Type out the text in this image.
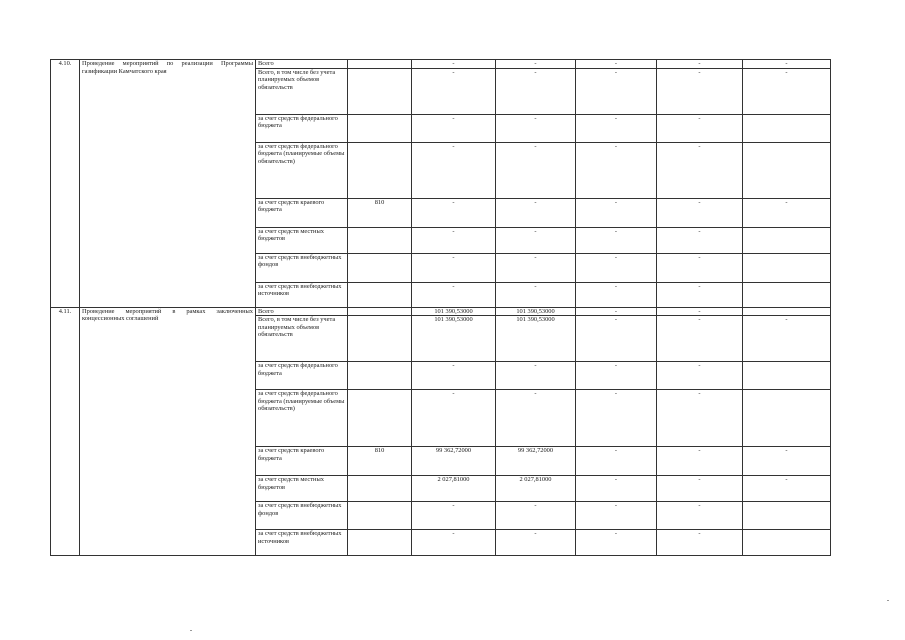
4.10.	Проведение мероприятий по реализации Программы газификации Камчатского края	Всего		-	-	-	-	-
		Всего, в том числе без учета планируемых объемов обязательств		-	-	-	-	-
		за счет средств федерального бюджета		-	-	-	-	
		за счет средств федерального бюджета (планируемые объемы обязательств)		-	-	-	-	
		за счет средств краевого бюджета	810	-	-	-	-	-
		за счет средств местных бюджетов		-	-	-	-	
		за счет средств внебюджетных фондов		-	-	-	-	
		за счет средств внебюджетных источников		-	-	-	-	
4.11.	Проведение мероприятий в рамках заключенных концессионных соглашений	Всего		101 390,53000	101 390,53000	-	-	
		Всего, в том числе без учета планируемых объемов обязательств		101 390,53000	101 390,53000	-	-	-
		за счет средств федерального бюджета		-	-	-	-	
		за счет средств федерального бюджета (планируемые объемы обязательств)		-	-	-	-	
		за счет средств краевого бюджета	810	99 362,72000	99 362,72000	-	-	-
		за счет средств местных бюджетов		2 027,81000	2 027,81000	-	-	-
		за счет средств внебюджетных фондов		-	-	-	-	
		за счет средств внебюджетных источников		-	-	-	-	
